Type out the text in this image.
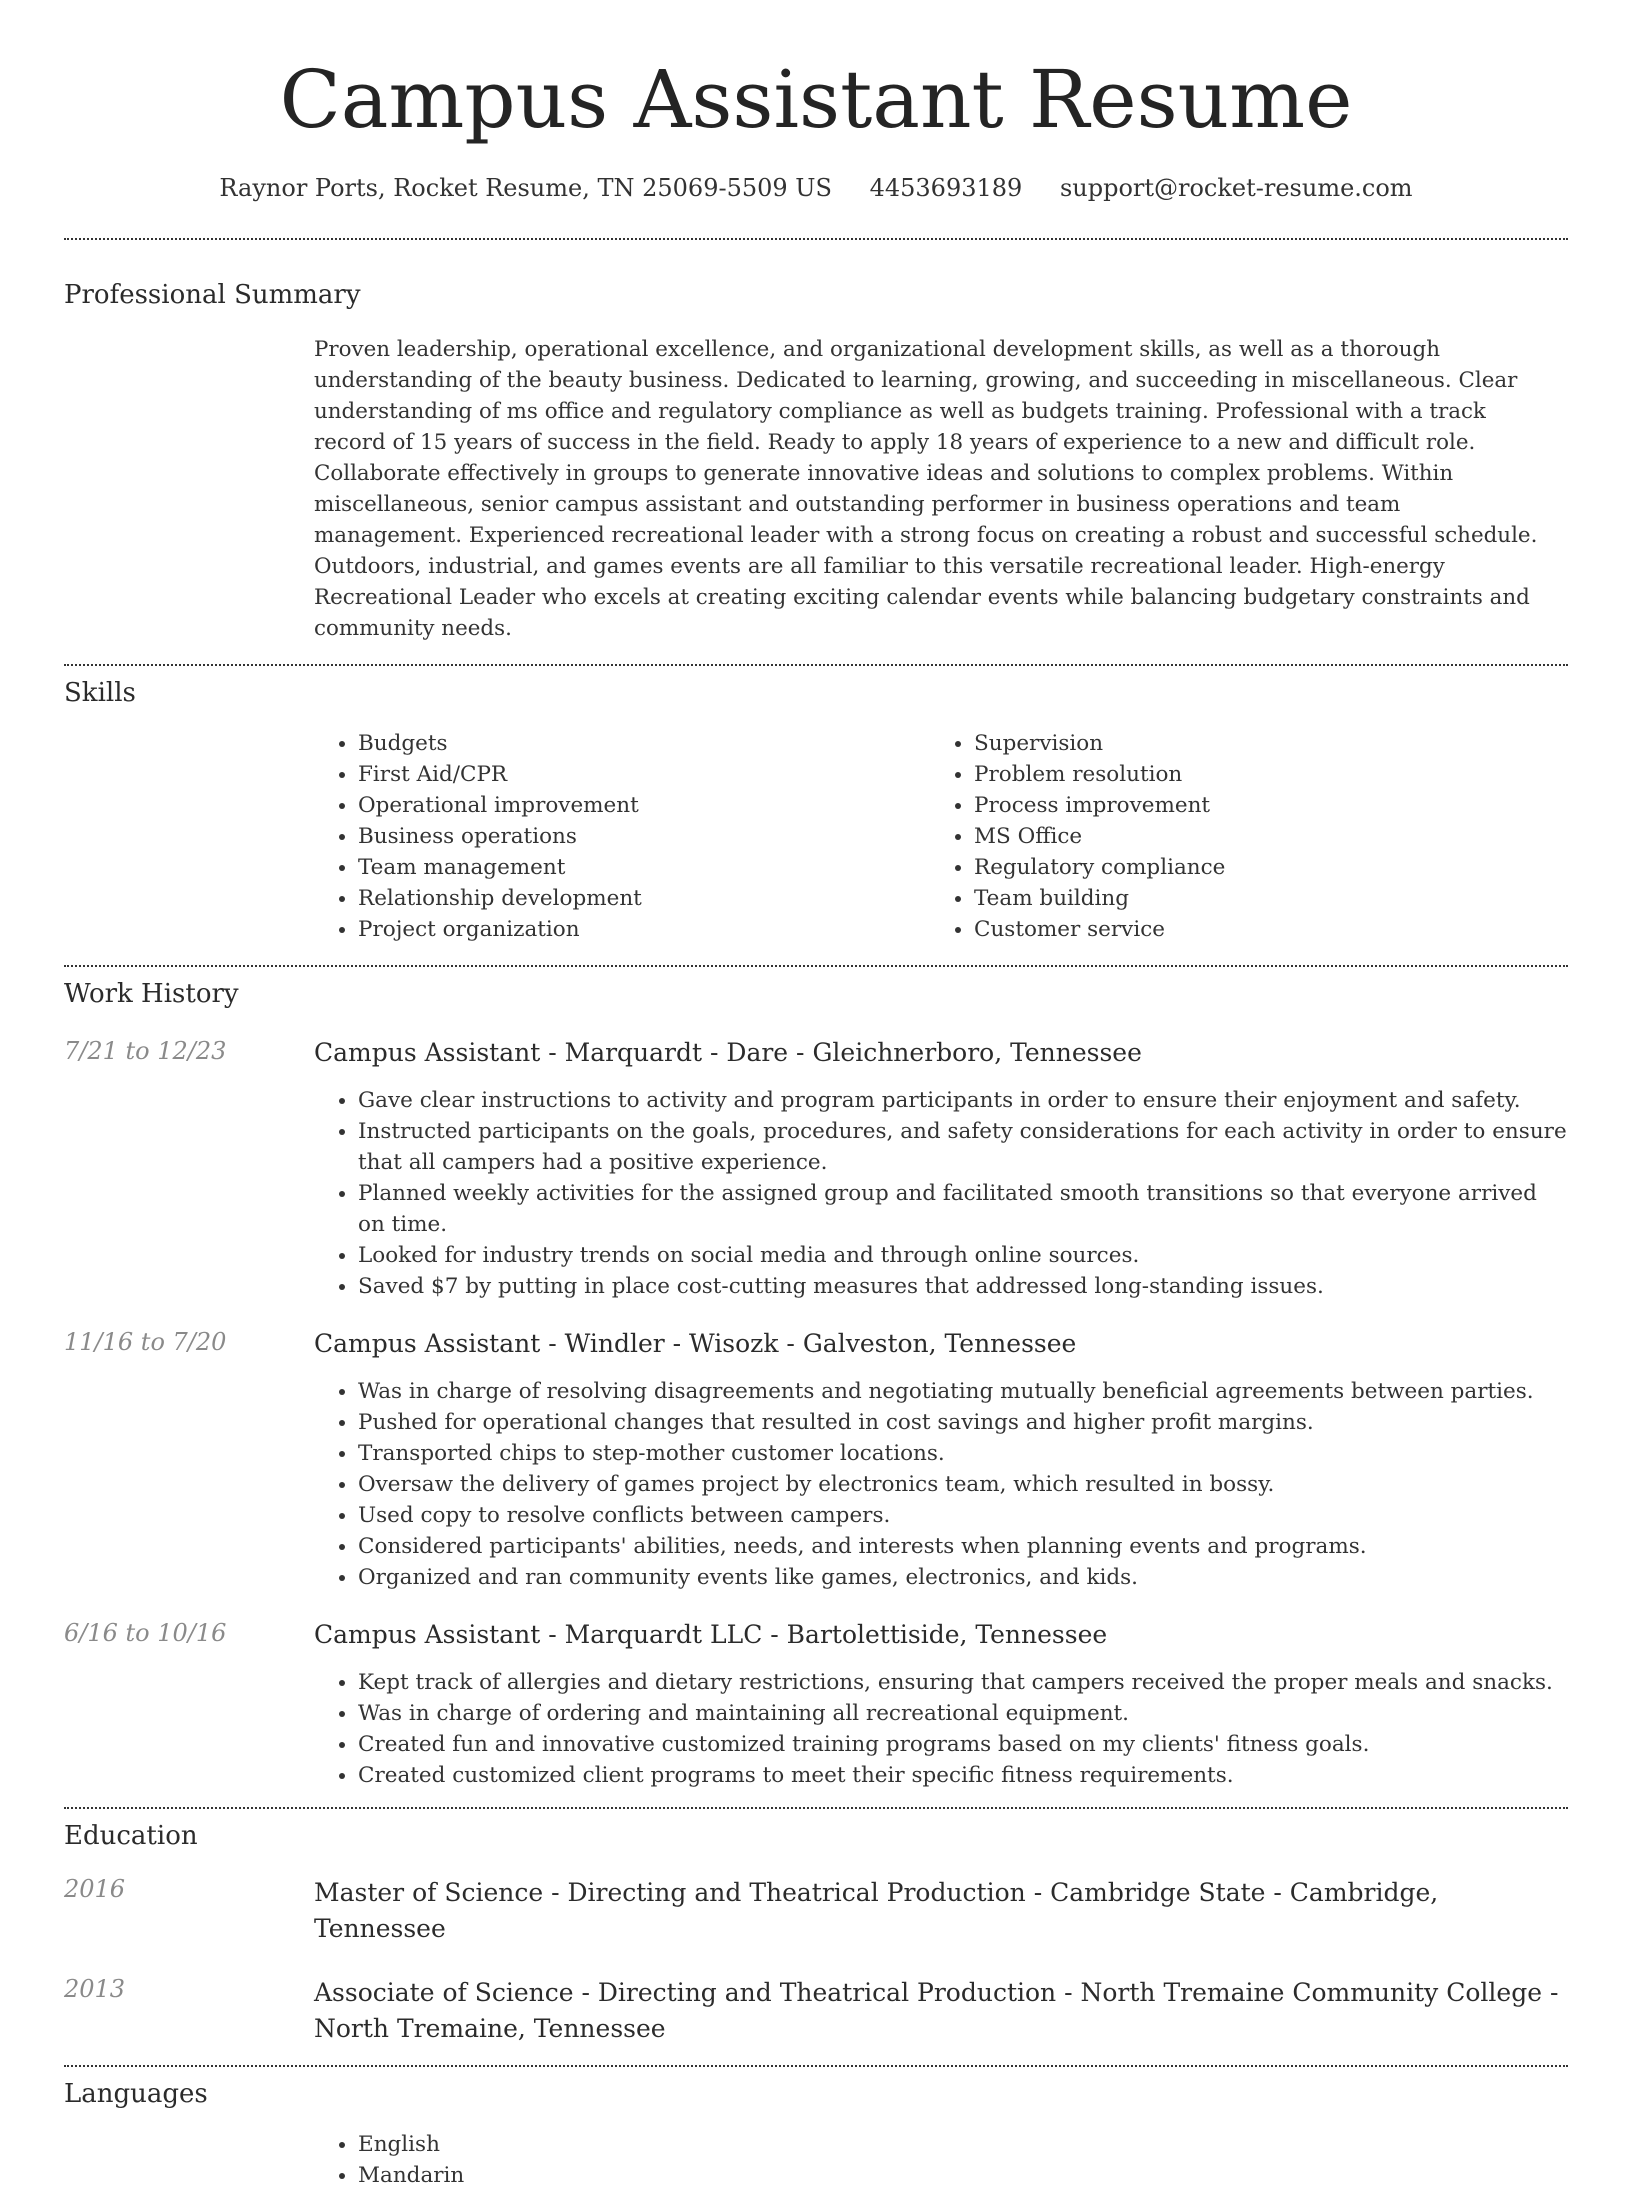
Campus Assistant Resume
Raynor Ports, Rocket Resume, TN 25069-5509 US 4453693189 support@rocket-resume.com
Professional Summary
Proven leadership, operational excellence, and organizational development skills, as well as a thorough understanding of the beauty business. Dedicated to learning, growing, and succeeding in miscellaneous. Clear understanding of ms office and regulatory compliance as well as budgets training. Professional with a track record of 15 years of success in the field. Ready to apply 18 years of experience to a new and difficult role. Collaborate effectively in groups to generate innovative ideas and solutions to complex problems. Within miscellaneous, senior campus assistant and outstanding performer in business operations and team management. Experienced recreational leader with a strong focus on creating a robust and successful schedule. Outdoors, industrial, and games events are all familiar to this versatile recreational leader. High-energy Recreational Leader who excels at creating exciting calendar events while balancing budgetary constraints and community needs.
Skills
• Budgets
• First Aid/CPR
• Operational improvement
• Business operations
• Team management
• Relationship development
• Project organization
• Supervision
• Problem resolution
• Process improvement
• MS Office
• Regulatory compliance
• Team building
• Customer service
Work History
7/21 to 12/23	Campus Assistant - Marquardt - Dare - Gleichnerboro, Tennessee
• Gave clear instructions to activity and program participants in order to ensure their enjoyment and safety.
• Instructed participants on the goals, procedures, and safety considerations for each activity in order to ensure that all campers had a positive experience.
• Planned weekly activities for the assigned group and facilitated smooth transitions so that everyone arrived on time.
• Looked for industry trends on social media and through online sources.
• Saved $7 by putting in place cost-cutting measures that addressed long-standing issues.
11/16 to 7/20	Campus Assistant - Windler - Wisozk - Galveston, Tennessee
• Was in charge of resolving disagreements and negotiating mutually beneficial agreements between parties.
• Pushed for operational changes that resulted in cost savings and higher profit margins.
• Transported chips to step-mother customer locations.
• Oversaw the delivery of games project by electronics team, which resulted in bossy.
• Used copy to resolve conflicts between campers.
• Considered participants' abilities, needs, and interests when planning events and programs.
• Organized and ran community events like games, electronics, and kids.
6/16 to 10/16	Campus Assistant - Marquardt LLC - Bartolettiside, Tennessee
• Kept track of allergies and dietary restrictions, ensuring that campers received the proper meals and snacks.
• Was in charge of ordering and maintaining all recreational equipment.
• Created fun and innovative customized training programs based on my clients' fitness goals.
• Created customized client programs to meet their specific fitness requirements.
Education
2016	Master of Science - Directing and Theatrical Production - Cambridge State - Cambridge, Tennessee
2013	Associate of Science - Directing and Theatrical Production - North Tremaine Community College - North Tremaine, Tennessee
Languages
• English
• Mandarin
